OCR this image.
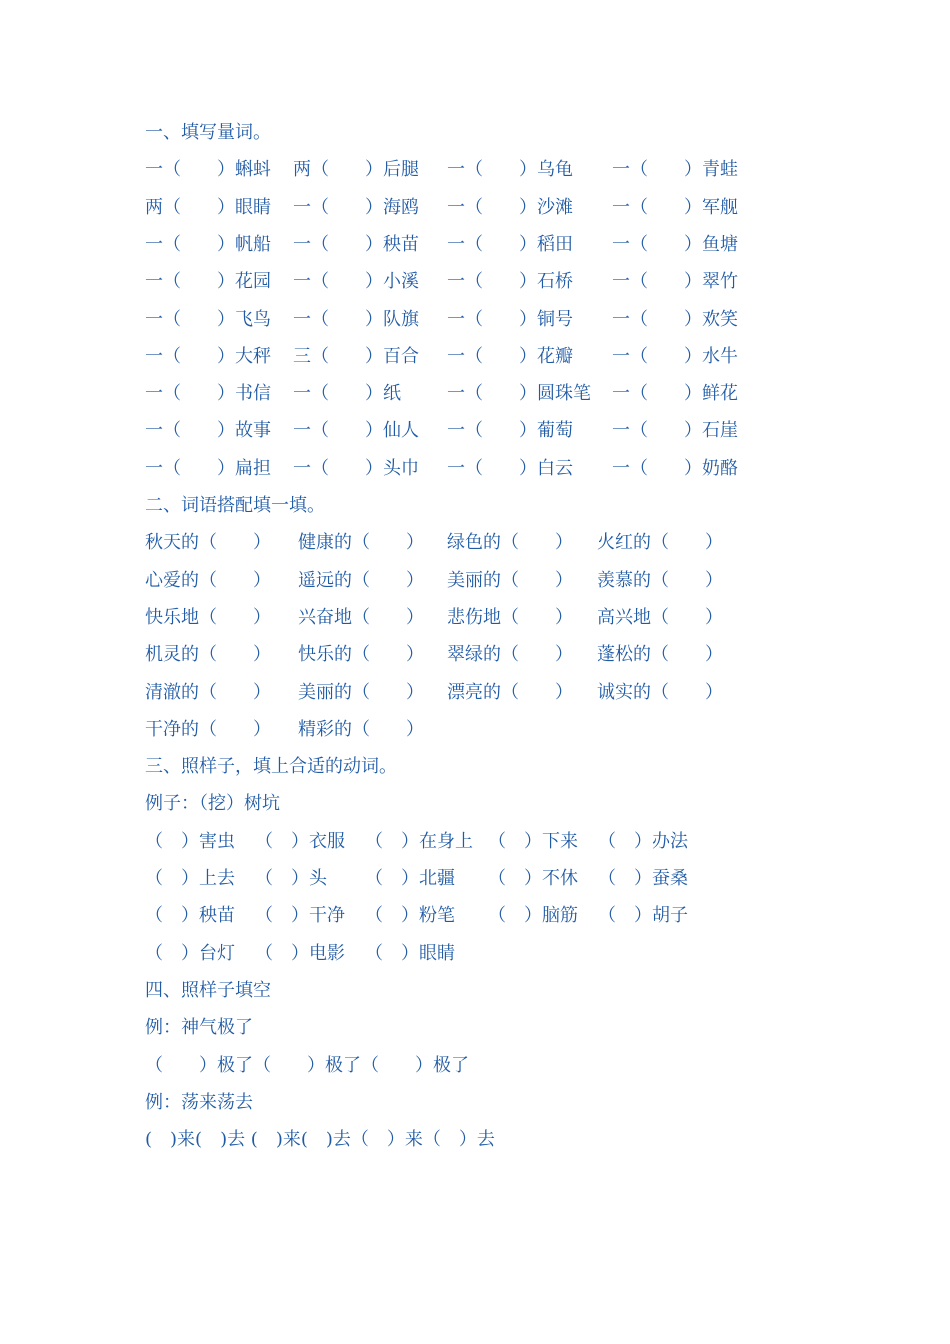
一、填写量词。
一（　　）蝌蚪 两（　　）后腿 一（　　）乌龟 一（　　）青蛙
两（　　）眼睛 一（　　）海鸥 一（　　）沙滩 一（　　）军舰
一（　　）帆船 一（　　）秧苗 一（　　）稻田 一（　　）鱼塘
一（　　）花园 一（　　）小溪 一（　　）石桥 一（　　）翠竹
一（　　）飞鸟 一（　　）队旗 一（　　）铜号 一（　　）欢笑
一（　　）大秤 三（　　）百合 一（　　）花瓣 一（　　）水牛
一（　　）书信 一（　　）纸	一（　　）圆珠笔 一（　　）鲜花
一（　　）故事 一（　　）仙人 一（　　）葡萄 一（　　）石崖
一（　　）扁担 一（　　）头巾 一（　　）白云 一（　　）奶酪
二、词语搭配填一填。
秋天的（　　） 健康的（　　） 绿色的（　　） 火红的（　　）
心爱的（　　） 遥远的（　　） 美丽的（　　） 羡慕的（　　）
快乐地（　　） 兴奋地（　　） 悲伤地（　　） 高兴地（　　）
机灵的（　　） 快乐的（　　） 翠绿的（　　） 蓬松的（　　）
清澈的（　　） 美丽的（　　） 漂亮的（　　） 诚实的（　　）
干净的（　　） 精彩的（　　）
三、照样子，填上合适的动词。
例子：（挖）树坑
（　）害虫 （　）衣服 （　）在身上 （　）下来 （　）办法
（　）上去 （　）头 （　）北疆 （　）不休 （　）蚕桑
（　）秧苗 （　）干净 （　）粉笔 （　）脑筋 （　）胡子
（　）台灯 （　）电影 （　）眼睛
四、照样子填空
例：神气极了
（　　）极了（　　）极了（　　）极了
例：荡来荡去
(　)来(　)去 (　)来(　)去（　）来（　）去
